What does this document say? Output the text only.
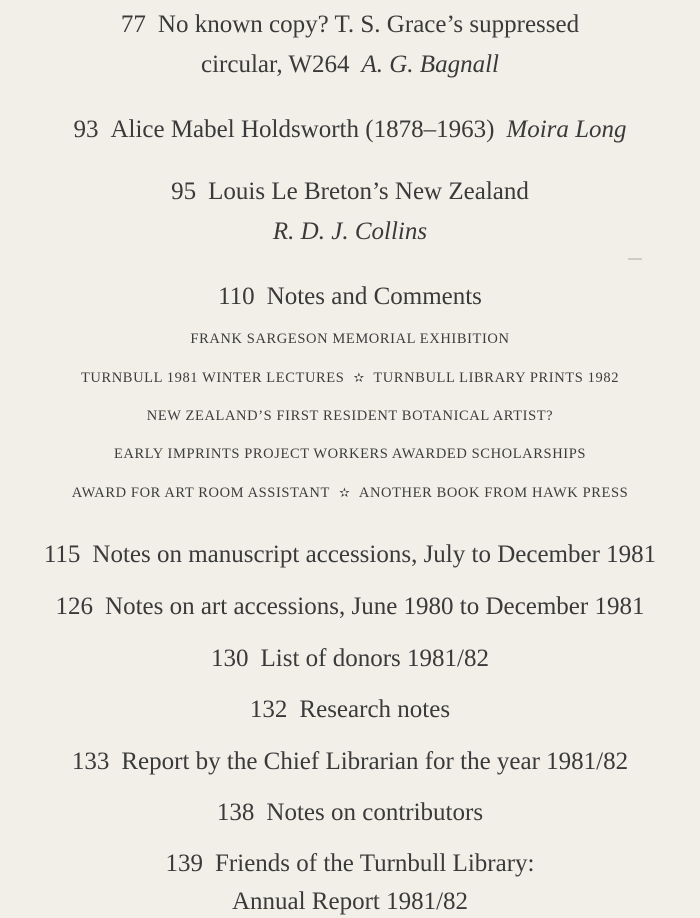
77 No known copy? T. S. Grace’s suppressed
circular, W264 A. G. Bagnall
93 Alice Mabel Holdsworth (1878–1963) Moira Long
95 Louis Le Breton’s New Zealand
R. D. J. Collins
110 Notes and Comments
FRANK SARGESON MEMORIAL EXHIBITION
TURNBULL 1981 WINTER LECTURES ✫ TURNBULL LIBRARY PRINTS 1982
NEW ZEALAND’S FIRST RESIDENT BOTANICAL ARTIST?
EARLY IMPRINTS PROJECT WORKERS AWARDED SCHOLARSHIPS
AWARD FOR ART ROOM ASSISTANT ✫ ANOTHER BOOK FROM HAWK PRESS
115 Notes on manuscript accessions, July to December 1981
126 Notes on art accessions, June 1980 to December 1981
130 List of donors 1981/82
132 Research notes
133 Report by the Chief Librarian for the year 1981/82
138 Notes on contributors
139 Friends of the Turnbull Library:
Annual Report 1981/82
